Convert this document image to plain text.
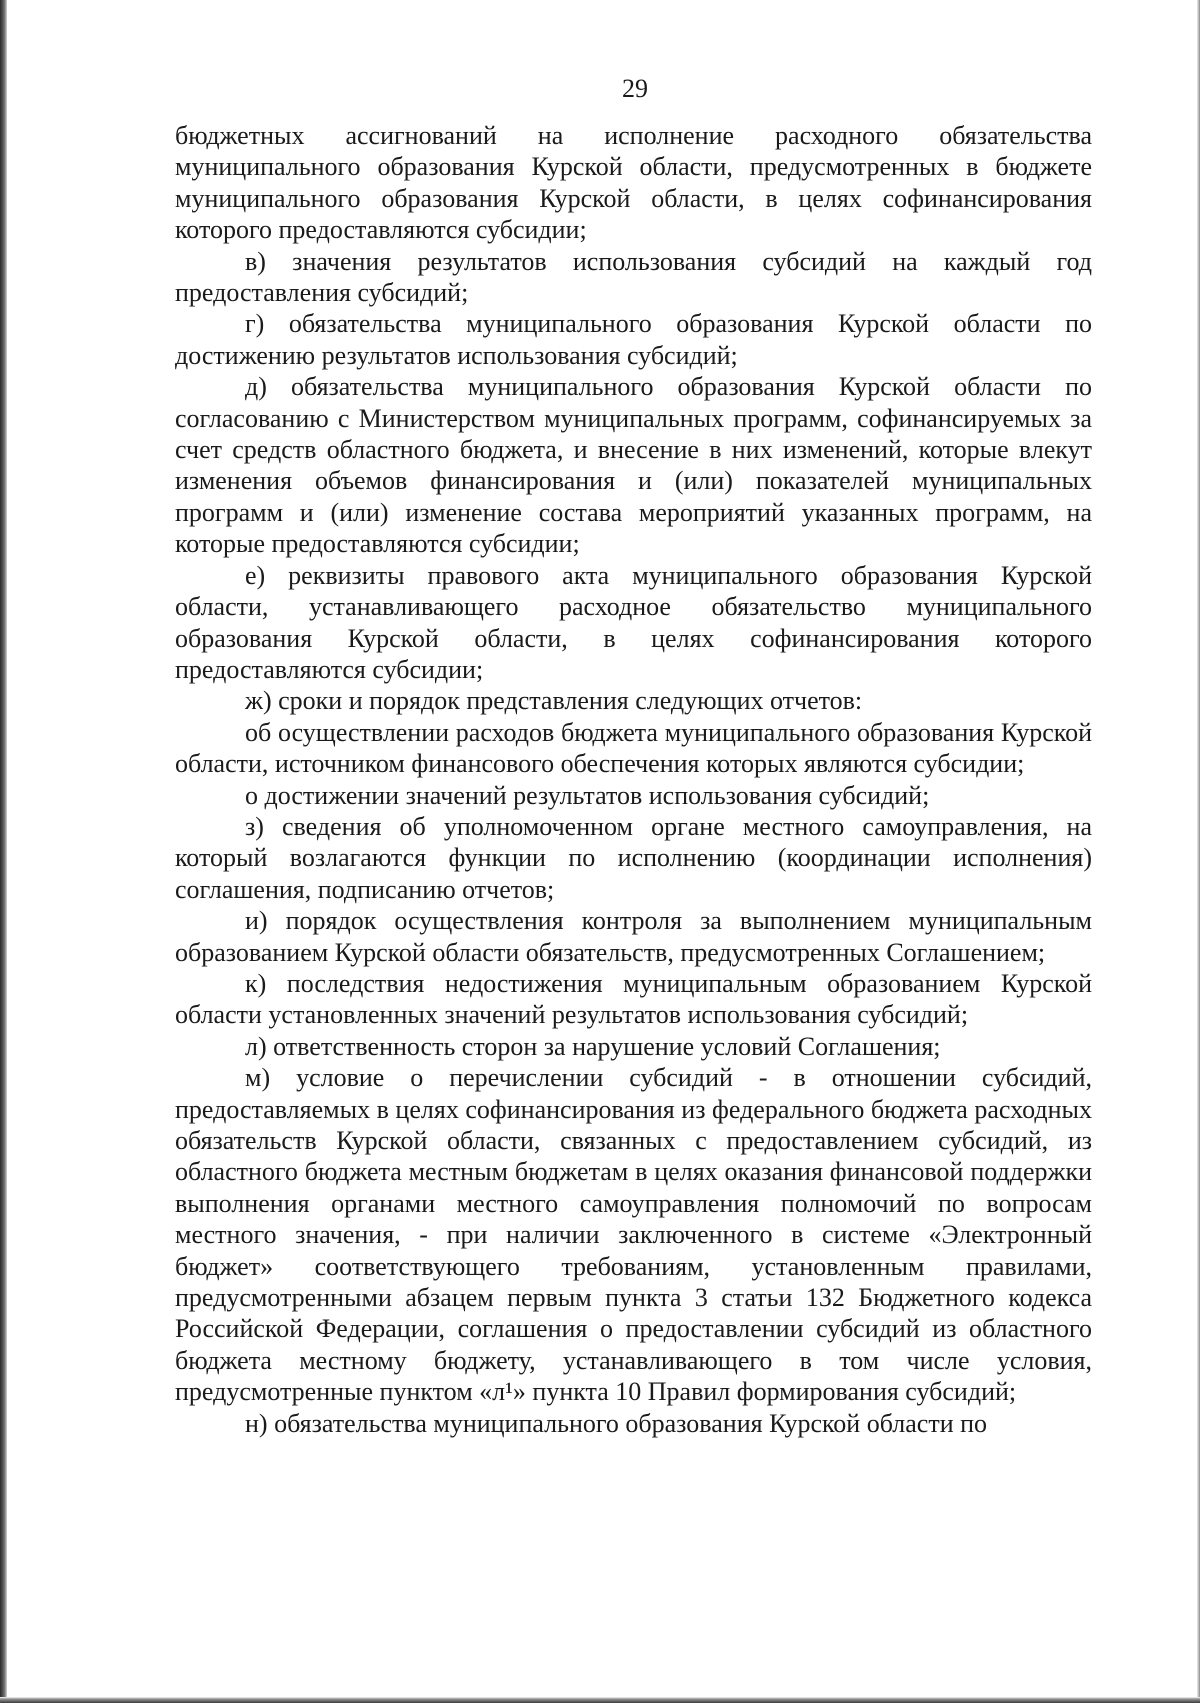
29

бюджетных ассигнований на исполнение расходного обязательства муниципального образования Курской области, предусмотренных в бюджете муниципального образования Курской области, в целях софинансирования которого предоставляются субсидии;

в) значения результатов использования субсидий на каждый год предоставления субсидий;

г) обязательства муниципального образования Курской области по достижению результатов использования субсидий;

д) обязательства муниципального образования Курской области по согласованию с Министерством муниципальных программ, софинансируемых за счет средств областного бюджета, и внесение в них изменений, которые влекут изменения объемов финансирования и (или) показателей муниципальных программ и (или) изменение состава мероприятий указанных программ, на которые предоставляются субсидии;

е) реквизиты правового акта муниципального образования Курской области, устанавливающего расходное обязательство муниципального образования Курской области, в целях софинансирования которого предоставляются субсидии;

ж) сроки и порядок представления следующих отчетов:

об осуществлении расходов бюджета муниципального образования Курской области, источником финансового обеспечения которых являются субсидии;

о достижении значений результатов использования субсидий;

з) сведения об уполномоченном органе местного самоуправления, на который возлагаются функции по исполнению (координации исполнения) соглашения, подписанию отчетов;

и) порядок осуществления контроля за выполнением муниципальным образованием Курской области обязательств, предусмотренных Соглашением;

к) последствия недостижения муниципальным образованием Курской области установленных значений результатов использования субсидий;

л) ответственность сторон за нарушение условий Соглашения;

м) условие о перечислении субсидий - в отношении субсидий, предоставляемых в целях софинансирования из федерального бюджета расходных обязательств Курской области, связанных с предоставлением субсидий, из областного бюджета местным бюджетам в целях оказания финансовой поддержки выполнения органами местного самоуправления полномочий по вопросам местного значения, - при наличии заключенного в системе «Электронный бюджет» соответствующего требованиям, установленным правилами, предусмотренными абзацем первым пункта 3 статьи 132 Бюджетного кодекса Российской Федерации, соглашения о предоставлении субсидий из областного бюджета местному бюджету, устанавливающего в том числе условия, предусмотренные пунктом «л¹» пункта 10 Правил формирования субсидий;

н) обязательства муниципального образования Курской области по
